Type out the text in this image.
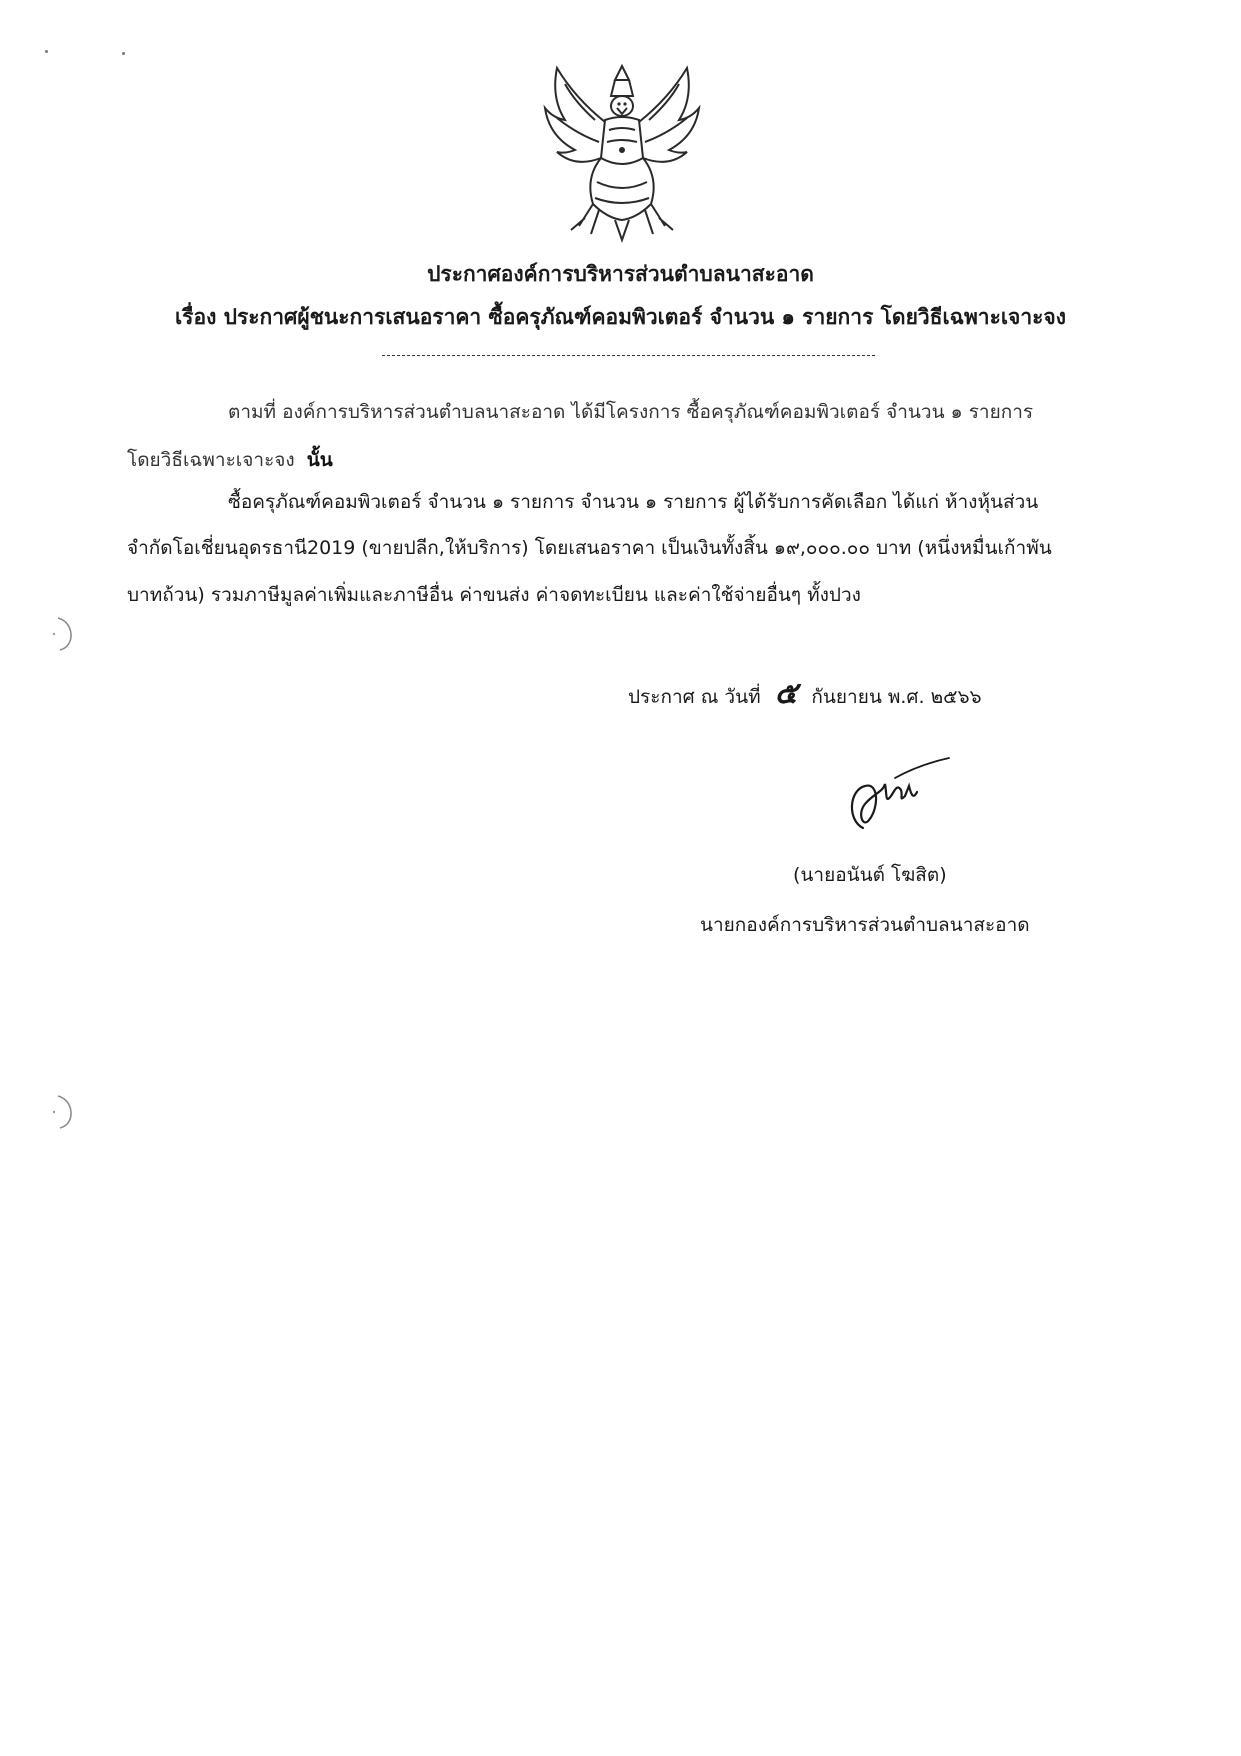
ประกาศองค์การบริหารส่วนตำบลนาสะอาด
เรื่อง ประกาศผู้ชนะการเสนอราคา ซื้อครุภัณฑ์คอมพิวเตอร์ จำนวน ๑ รายการ โดยวิธีเฉพาะเจาะจง
ตามที่ องค์การบริหารส่วนตำบลนาสะอาด ได้มีโครงการ ซื้อครุภัณฑ์คอมพิวเตอร์ จำนวน ๑ รายการ
โดยวิธีเฉพาะเจาะจง นั้น
ซื้อครุภัณฑ์คอมพิวเตอร์ จำนวน ๑ รายการ จำนวน ๑ รายการ ผู้ได้รับการคัดเลือก ได้แก่ ห้างหุ้นส่วน
จำกัดโอเชี่ยนอุดรธานี2019 (ขายปลีก,ให้บริการ) โดยเสนอราคา เป็นเงินทั้งสิ้น ๑๙,๐๐๐.๐๐ บาท (หนึ่งหมื่นเก้าพัน
บาทถ้วน) รวมภาษีมูลค่าเพิ่มและภาษีอื่น ค่าขนส่ง ค่าจดทะเบียน และค่าใช้จ่ายอื่นๆ ทั้งปวง
ประกาศ ณ วันที่ ๕ กันยายน พ.ศ. ๒๕๖๖
(นายอนันต์ โฆสิต)
นายกองค์การบริหารส่วนตำบลนาสะอาด
